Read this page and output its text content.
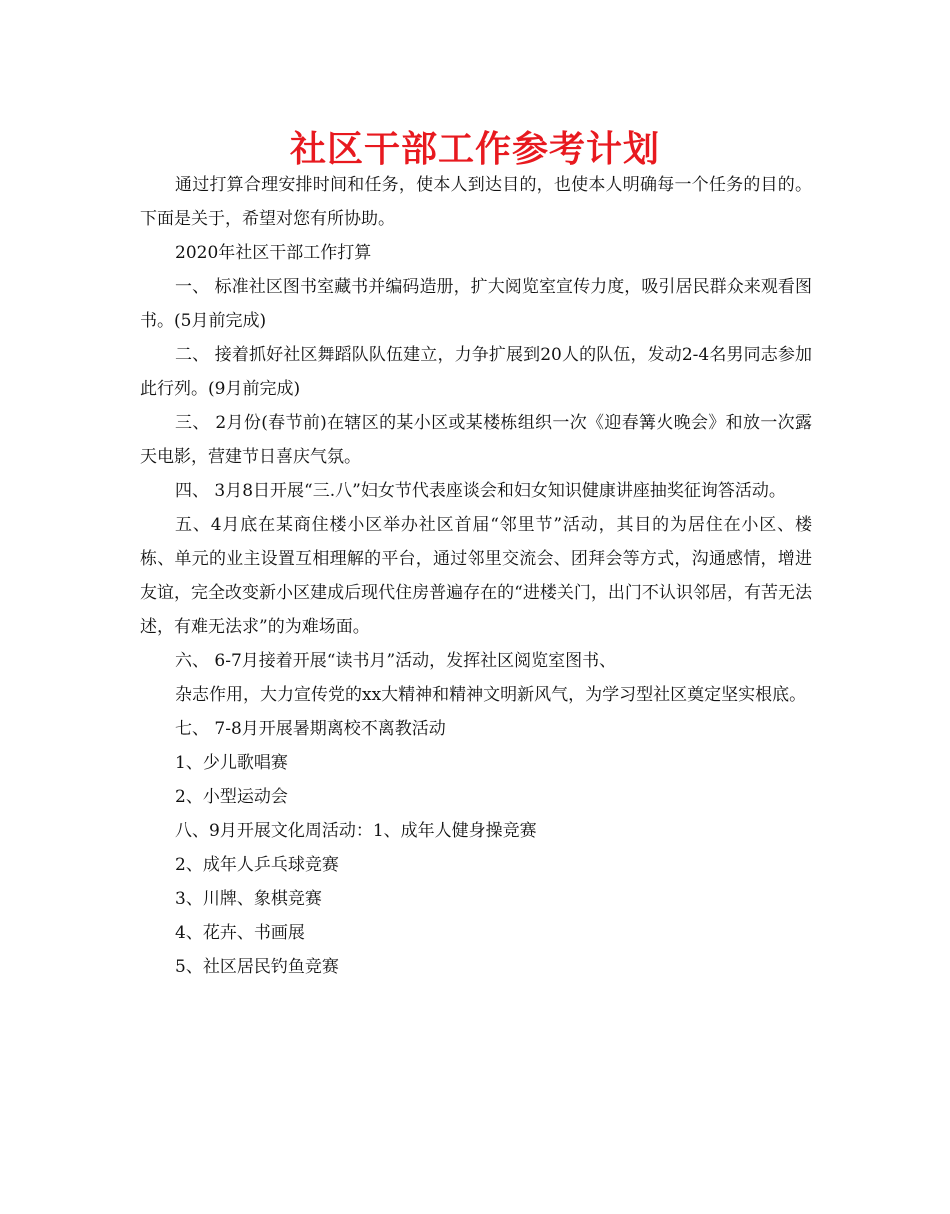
社区干部工作参考计划

通过打算合理安排时间和任务，使本人到达目的，也使本人明确每一个任务的目的。下面是关于，希望对您有所协助。

2020年社区干部工作打算

一、 标准社区图书室藏书并编码造册，扩大阅览室宣传力度，吸引居民群众来观看图书。(5月前完成)

二、 接着抓好社区舞蹈队队伍建立，力争扩展到20人的队伍，发动2-4名男同志参加此行列。(9月前完成)

三、 2月份(春节前)在辖区的某小区或某楼栋组织一次《迎春篝火晚会》和放一次露天电影，营建节日喜庆气氛。

四、 3月8日开展“三.八”妇女节代表座谈会和妇女知识健康讲座抽奖征询答活动。

五、4月底在某商住楼小区举办社区首届“邻里节”活动，其目的为居住在小区、楼栋、单元的业主设置互相理解的平台，通过邻里交流会、团拜会等方式，沟通感情，增进友谊，完全改变新小区建成后现代住房普遍存在的“进楼关门，出门不认识邻居，有苦无法述，有难无法求”的为难场面。

六、 6-7月接着开展“读书月”活动，发挥社区阅览室图书、

杂志作用，大力宣传党的xx大精神和精神文明新风气，为学习型社区奠定坚实根底。

七、 7-8月开展暑期离校不离教活动

1、少儿歌唱赛

2、小型运动会

八、9月开展文化周活动：1、成年人健身操竞赛

2、成年人乒乓球竞赛

3、川牌、象棋竞赛

4、花卉、书画展

5、社区居民钓鱼竞赛
